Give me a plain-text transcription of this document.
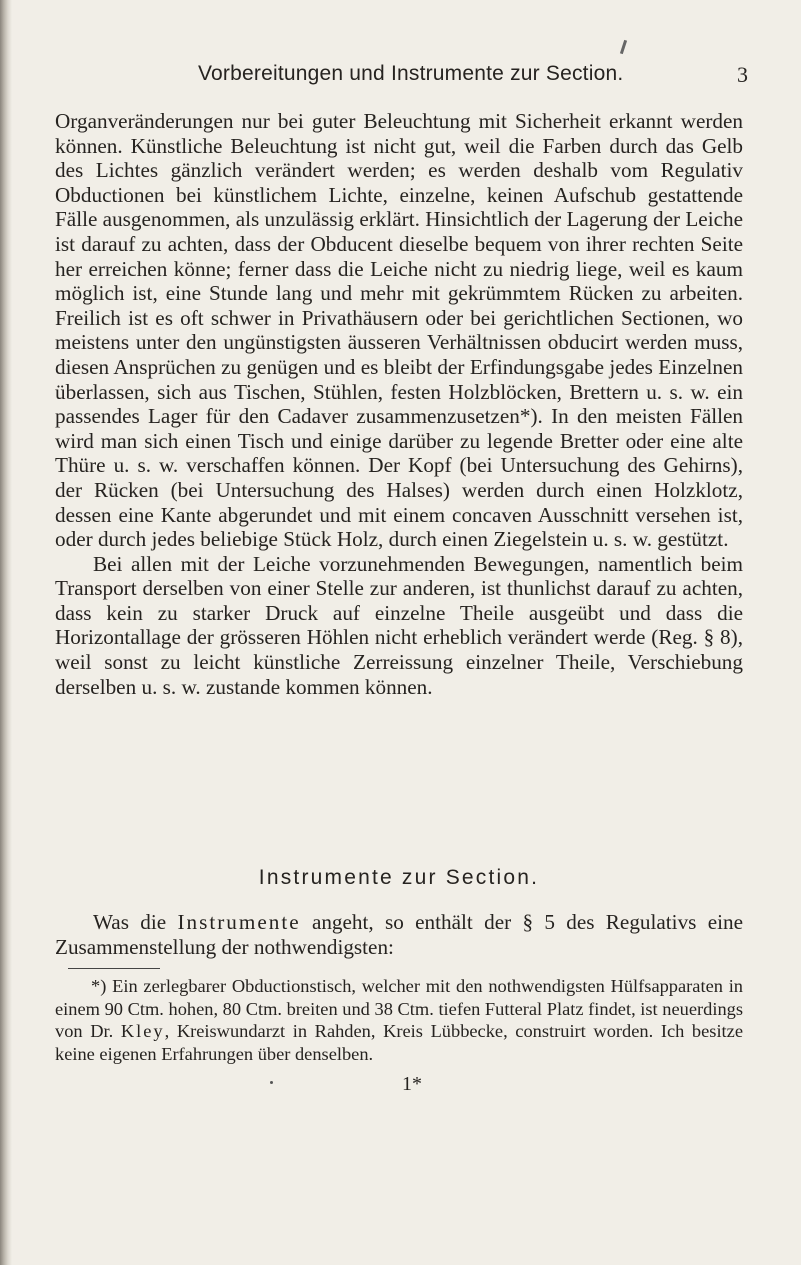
Vorbereitungen und Instrumente zur Section.	3

Organveränderungen nur bei guter Beleuchtung mit Sicherheit erkannt werden können. Künstliche Beleuchtung ist nicht gut, weil die Farben durch das Gelb des Lichtes gänzlich verändert werden; es werden deshalb vom Regulativ Obductionen bei künstlichem Lichte, einzelne, keinen Aufschub gestattende Fälle ausgenommen, als unzulässig erklärt. Hinsichtlich der Lagerung der Leiche ist darauf zu achten, dass der Obducent dieselbe bequem von ihrer rechten Seite her erreichen könne; ferner dass die Leiche nicht zu niedrig liege, weil es kaum möglich ist, eine Stunde lang und mehr mit gekrümmtem Rücken zu arbeiten. Freilich ist es oft schwer in Privathäusern oder bei gerichtlichen Sectionen, wo meistens unter den ungünstigsten äusseren Verhältnissen obducirt werden muss, diesen Ansprüchen zu genügen und es bleibt der Erfindungsgabe jedes Einzelnen überlassen, sich aus Tischen, Stühlen, festen Holzblöcken, Brettern u. s. w. ein passendes Lager für den Cadaver zusammenzusetzen*). In den meisten Fällen wird man sich einen Tisch und einige darüber zu legende Bretter oder eine alte Thüre u. s. w. verschaffen können. Der Kopf (bei Untersuchung des Gehirns), der Rücken (bei Untersuchung des Halses) werden durch einen Holzklotz, dessen eine Kante abgerundet und mit einem concaven Ausschnitt versehen ist, oder durch jedes beliebige Stück Holz, durch einen Ziegelstein u. s. w. gestützt.

Bei allen mit der Leiche vorzunehmenden Bewegungen, namentlich beim Transport derselben von einer Stelle zur anderen, ist thunlichst darauf zu achten, dass kein zu starker Druck auf einzelne Theile ausgeübt und dass die Horizontallage der grösseren Höhlen nicht erheblich verändert werde (Reg. § 8), weil sonst zu leicht künstliche Zerreissung einzelner Theile, Verschiebung derselben u. s. w. zustande kommen können.

Instrumente zur Section.
Was die Instrumente angeht, so enthält der § 5 des Regulativs eine Zusammenstellung der nothwendigsten:

*) Ein zerlegbarer Obductionstisch, welcher mit den nothwendigsten Hülfsapparaten in einem 90 Ctm. hohen, 80 Ctm. breiten und 38 Ctm. tiefen Futteral Platz findet, ist neuerdings von Dr. Kley, Kreiswundarzt in Rahden, Kreis Lübbecke, construirt worden. Ich besitze keine eigenen Erfahrungen über denselben.

1*
